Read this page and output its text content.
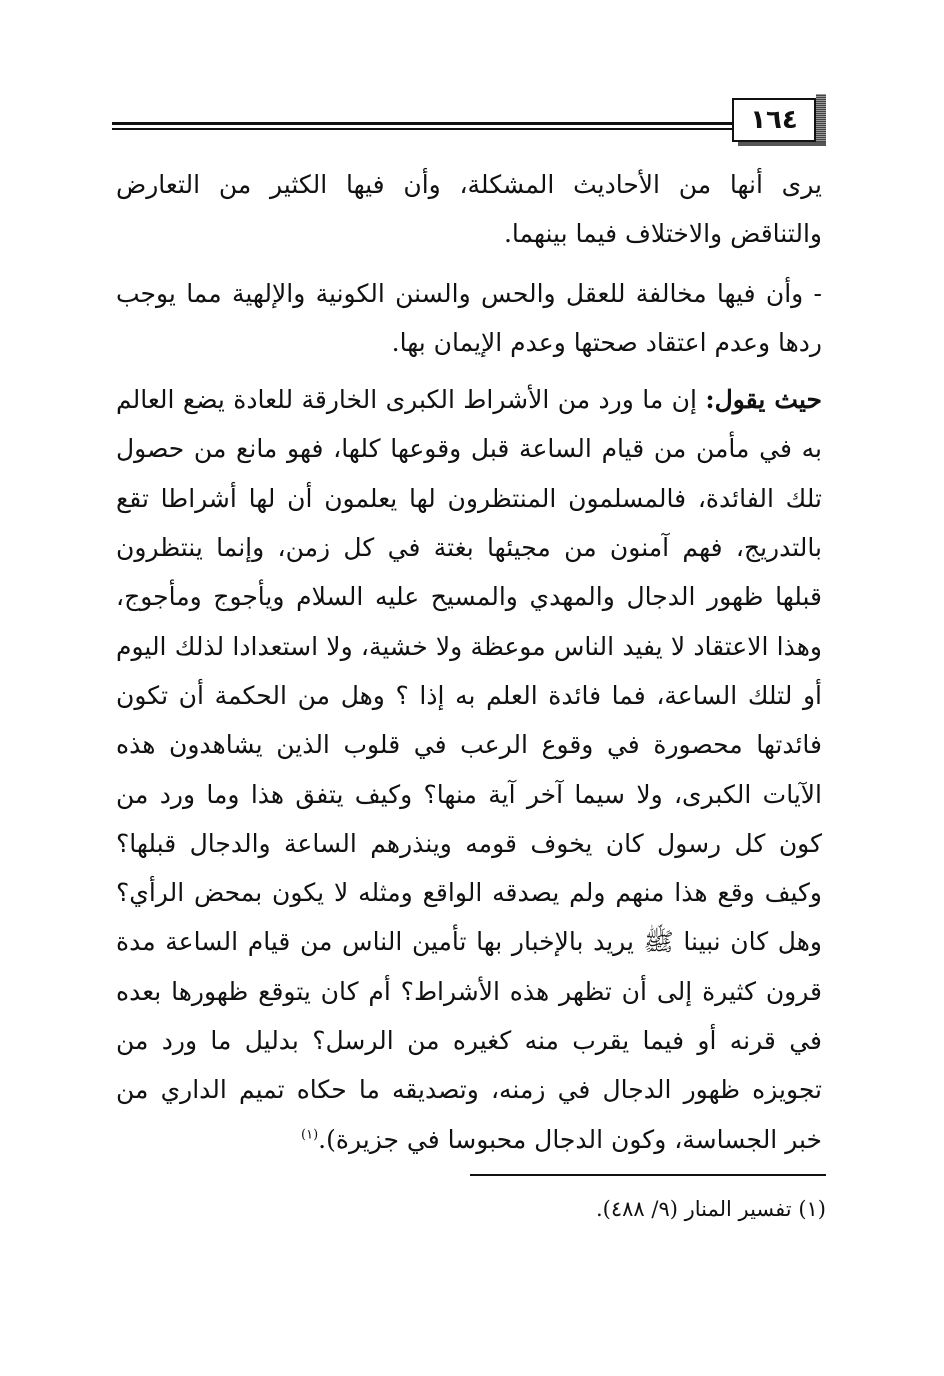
١٦٤

يرى أنها من الأحاديث المشكلة، وأن فيها الكثير من التعارض والتناقض والاختلاف فيما بينهما.

- وأن فيها مخالفة للعقل والحس والسنن الكونية والإلهية مما يوجب ردها وعدم اعتقاد صحتها وعدم الإيمان بها.

حيث يقول: إن ما ورد من الأشراط الكبرى الخارقة للعادة يضع العالم به في مأمن من قيام الساعة قبل وقوعها كلها، فهو مانع من حصول تلك الفائدة، فالمسلمون المنتظرون لها يعلمون أن لها أشراطا تقع بالتدريج، فهم آمنون من مجيئها بغتة في كل زمن، وإنما ينتظرون قبلها ظهور الدجال والمهدي والمسيح عليه السلام ويأجوج ومأجوج، وهذا الاعتقاد لا يفيد الناس موعظة ولا خشية، ولا استعدادا لذلك اليوم أو لتلك الساعة، فما فائدة العلم به إذا ؟ وهل من الحكمة أن تكون فائدتها محصورة في وقوع الرعب في قلوب الذين يشاهدون هذه الآيات الكبرى، ولا سيما آخر آية منها؟ وكيف يتفق هذا وما ورد من كون كل رسول كان يخوف قومه وينذرهم الساعة والدجال قبلها؟ وكيف وقع هذا منهم ولم يصدقه الواقع ومثله لا يكون بمحض الرأي؟ وهل كان نبينا ﷺ يريد بالإخبار بها تأمين الناس من قيام الساعة مدة قرون كثيرة إلى أن تظهر هذه الأشراط؟ أم كان يتوقع ظهورها بعده في قرنه أو فيما يقرب منه كغيره من الرسل؟ بدليل ما ورد من تجويزه ظهور الدجال في زمنه، وتصديقه ما حكاه تميم الداري من خبر الجساسة، وكون الدجال محبوسا في جزيرة).$^{(١)}$

(١) تفسير المنار (٩/ ٤٨٨).
